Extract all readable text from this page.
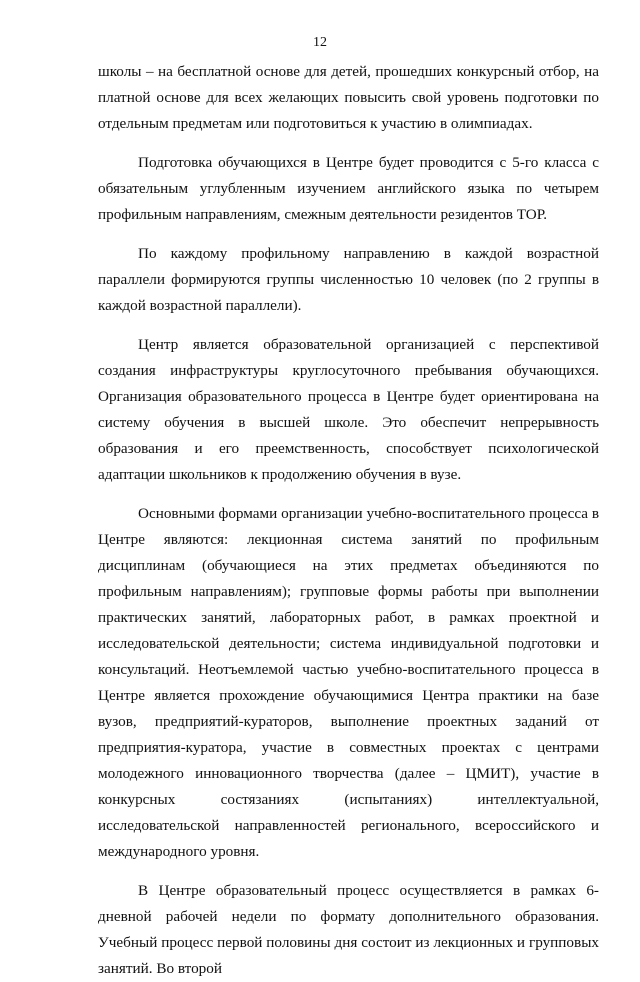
12

школы – на бесплатной основе для детей, прошедших конкурсный отбор, на платной основе для всех желающих повысить свой уровень подготовки по отдельным предметам или подготовиться к участию в олимпиадах.

Подготовка обучающихся в Центре будет проводится с 5-го класса с обязательным углубленным изучением английского языка по четырем профильным направлениям, смежным деятельности резидентов ТОР.

По каждому профильному направлению в каждой возрастной параллели формируются группы численностью 10 человек (по 2 группы в каждой возрастной параллели).

Центр является образовательной организацией с перспективой создания инфраструктуры круглосуточного пребывания обучающихся. Организация образовательного процесса в Центре будет ориентирована на систему обучения в высшей школе. Это обеспечит непрерывность образования и его преемственность, способствует психологической адаптации школьников к продолжению обучения в вузе.

Основными формами организации учебно-воспитательного процесса в Центре являются: лекционная система занятий по профильным дисциплинам (обучающиеся на этих предметах объединяются по профильным направлениям); групповые формы работы при выполнении практических занятий, лабораторных работ, в рамках проектной и исследовательской деятельности; система индивидуальной подготовки и консультаций. Неотъемлемой частью учебно-воспитательного процесса в Центре является прохождение обучающимися Центра практики на базе вузов, предприятий-кураторов, выполнение проектных заданий от предприятия-куратора, участие в совместных проектах с центрами молодежного инновационного творчества (далее – ЦМИТ), участие в конкурсных состязаниях (испытаниях) интеллектуальной, исследовательской направленностей регионального, всероссийского и международного уровня.

В Центре образовательный процесс осуществляется в рамках 6-дневной рабочей недели по формату дополнительного образования. Учебный процесс первой половины дня состоит из лекционных и групповых занятий. Во второй
